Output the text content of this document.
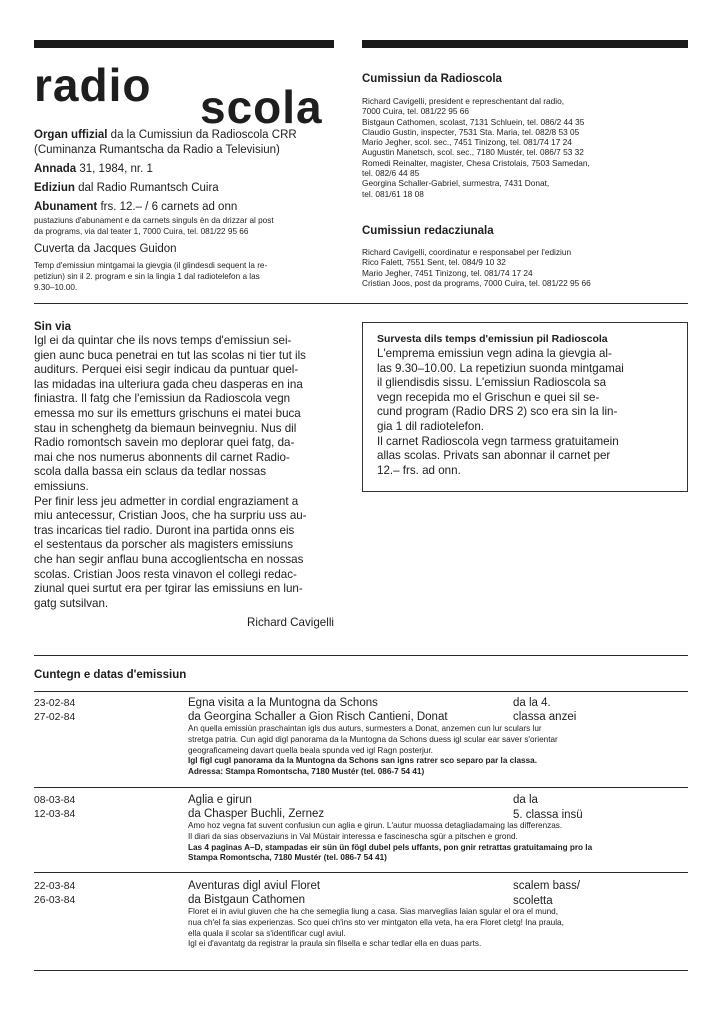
radio scola
Organ uffizial da la Cumissiun da Radioscola CRR
(Cuminanza Rumantscha da Radio a Televisiun)
Annada 31, 1984, nr. 1
Ediziun dal Radio Rumantsch Cuira
Abunament frs. 12.– / 6 carnets ad onn
pustaziuns d'abunament e da carnets singuls èn da drizzar al post
da programs, via dal teater 1, 7000 Cuira, tel. 081/22 95 66
Cuverta da Jacques Guidon
Temp d'emissiun mintgamai la gievgia (il glindesdi sequent la re-
petiziun) sin il 2. program e sin la lingia 1 dal radiotelefon a las
9.30–10.00.
Cumissiun da Radioscola
Richard Cavigelli, president e represchentant dal radio,
7000 Cuira, tel. 081/22 95 66
Bistgaun Cathomen, scolast, 7131 Schluein, tel. 086/2 44 35
Claudio Gustin, inspecter, 7531 Sta. Maria, tel. 082/8 53 05
Mario Jegher, scol. sec., 7451 Tinizong, tel. 081/74 17 24
Augustin Manetsch, scol. sec., 7180 Mustér, tel. 086/7 53 32
Romedi Reinalter, magister, Chesa Cristolais, 7503 Samedan,
tel. 082/6 44 85
Georgina Schaller-Gabriel, surmestra, 7431 Donat,
tel. 081/61 18 08
Cumissiun redacziunala
Richard Cavigelli, coordinatur e responsabel per l'ediziun
Rico Falett, 7551 Sent, tel. 084/9 10 32
Mario Jegher, 7451 Tinizong, tel. 081/74 17 24
Cristian Joos, post da programs, 7000 Cuira, tel. 081/22 95 66
Sin via
Igl ei da quintar che ils novs temps d'emissiun sei-
gien aunc buca penetrai en tut las scolas ni tier tut ils
auditurs. Perquei eisi segir indicau da puntuar quel-
las midadas ina ulteriura gada cheu dasperas en ina
finiastra. Il fatg che l'emissiun da Radioscola vegn
emessa mo sur ils emetturs grischuns ei matei buca
stau in schenghetg da biemaun beinvegniu. Nus dil
Radio romontsch savein mo deplorar quei fatg, da-
mai che nos numerus abonnents dil carnet Radio-
scola dalla bassa ein sclaus da tedlar nossas
emissiuns.
Per finir less jeu admetter in cordial engraziament a
miu antecessur, Cristian Joos, che ha surpriu uss au-
tras incaricas tiel radio. Duront ina partida onns eis
el sestentaus da porscher als magisters emissiuns
che han segir anflau buna accoglientscha en nossas
scolas. Cristian Joos resta vinavon el collegi redac-
ziunal quei surtut era per tgirar las emissiuns en lun-
gatg sutsilvan.
Richard Cavigelli
Survesta dils temps d'emissiun pil Radioscola
L'emprema emissiun vegn adina la gievgia al-
las 9.30–10.00. La repetiziun suonda mintgamai
il gliendisdis sissu. L'emissiun Radioscola sa
vegn recepida mo el Grischun e quei sil se-
cund program (Radio DRS 2) sco era sin la lin-
gia 1 dil radiotelefon.
Il carnet Radioscola vegn tarmess gratuitamein
allas scolas. Privats san abonnar il carnet per
12.– frs. ad onn.
Cuntegn e datas d'emissiun
23-02-84
27-02-84
Egna visita a la Muntogna da Schons
da Georgina Schaller a Gion Risch Cantieni, Donat
An quella emissiùn praschaintan igls dus auturs, surmesters a Donat, anzemen cun lur sculars lur
stretga patria. Cun agid digl panorama da la Muntogna da Schons duess igl scular ear saver s'orientar
geograficameing davart quella beala spunda ved igl Ragn posterjur.
Igl figl cugl panorama da la Muntogna da Schons san igns ratrer sco separo par la classa.
Adressa: Stampa Romontscha, 7180 Mustér (tel. 086-7 54 41)
da la 4.
classa anzei
08-03-84
12-03-84
Aglia e girun
da Chasper Buchli, Zernez
Amo hoz vegna fat suvent confusiun cun aglia e girun. L'autur muossa detagliadamaing las differenzas.
Il diari da sias observaziuns in Val Müstair interessa e fascinescha sgür a pitschen e grond.
Las 4 paginas A–D, stampadas eir sün ün fögl dubel pels uffants, pon gnir retrattas gratuitamaing pro la
Stampa Romontscha, 7180 Mustér (tel. 086-7 54 41)
da la
5. classa insü
22-03-84
26-03-84
Aventuras digl aviul Floret
da Bistgaun Cathomen
Floret ei in aviul giuven che ha che semeglia liung a casa. Sias marveglias laian sgular el ora el mund,
nua ch'el fa sias experienzas. Sco quei ch'ins sto ver mintgaton ella veta, ha era Floret cletg! Ina praula,
ella quala il scolar sa s'identificar cugl aviul.
Igl ei d'avantatg da registrar la praula sin filsella e schar tedlar ella en duas parts.
scalem bass/
scoletta
